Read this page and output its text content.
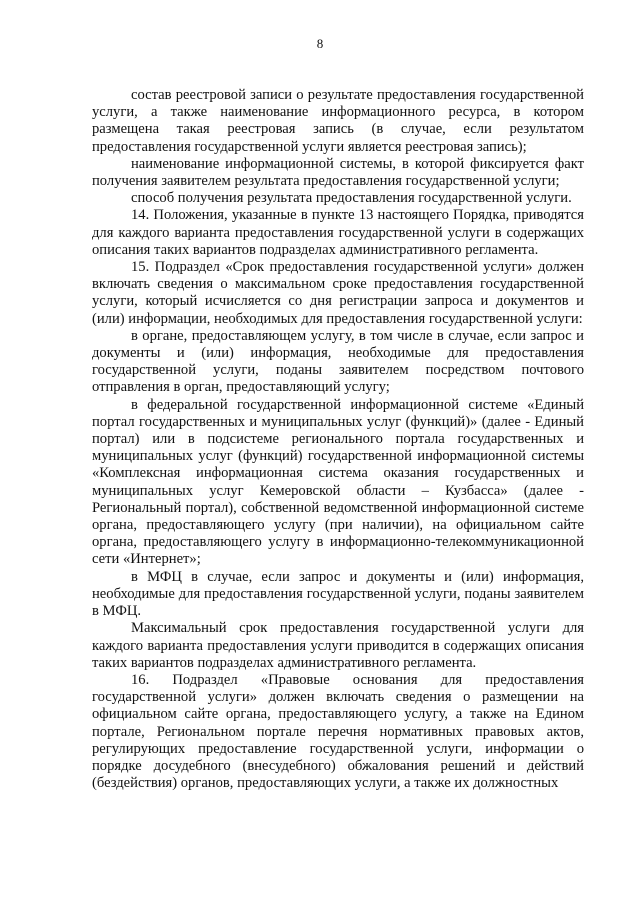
8

состав реестровой записи о результате предоставления государственной услуги, а также наименование информационного ресурса, в котором размещена такая реестровая запись (в случае, если результатом предоставления государственной услуги является реестровая запись);

наименование информационной системы, в которой фиксируется факт получения заявителем результата предоставления государственной услуги;

способ получения результата предоставления государственной услуги.

14. Положения, указанные в пункте 13 настоящего Порядка, приводятся для каждого варианта предоставления государственной услуги в содержащих описания таких вариантов подразделах административного регламента.

15. Подраздел «Срок предоставления государственной услуги» должен включать сведения о максимальном сроке предоставления государственной услуги, который исчисляется со дня регистрации запроса и документов и (или) информации, необходимых для предоставления государственной услуги:

в органе, предоставляющем услугу, в том числе в случае, если запрос и документы и (или) информация, необходимые для предоставления государственной услуги, поданы заявителем посредством почтового отправления в орган, предоставляющий услугу;

в федеральной государственной информационной системе «Единый портал государственных и муниципальных услуг (функций)» (далее - Единый портал) или в подсистеме регионального портала государственных и муниципальных услуг (функций) государственной информационной системы «Комплексная информационная система оказания государственных и муниципальных услуг Кемеровской области – Кузбасса» (далее - Региональный портал), собственной ведомственной информационной системе органа, предоставляющего услугу (при наличии), на официальном сайте органа, предоставляющего услугу в информационно-телекоммуникационной сети «Интернет»;

в МФЦ в случае, если запрос и документы и (или) информация, необходимые для предоставления государственной услуги, поданы заявителем в МФЦ.

Максимальный срок предоставления государственной услуги для каждого варианта предоставления услуги приводится в содержащих описания таких вариантов подразделах административного регламента.

16. Подраздел «Правовые основания для предоставления государственной услуги» должен включать сведения о размещении на официальном сайте органа, предоставляющего услугу, а также на Едином портале, Региональном портале перечня нормативных правовых актов, регулирующих предоставление государственной услуги, информации о порядке досудебного (внесудебного) обжалования решений и действий (бездействия) органов, предоставляющих услуги, а также их должностных
